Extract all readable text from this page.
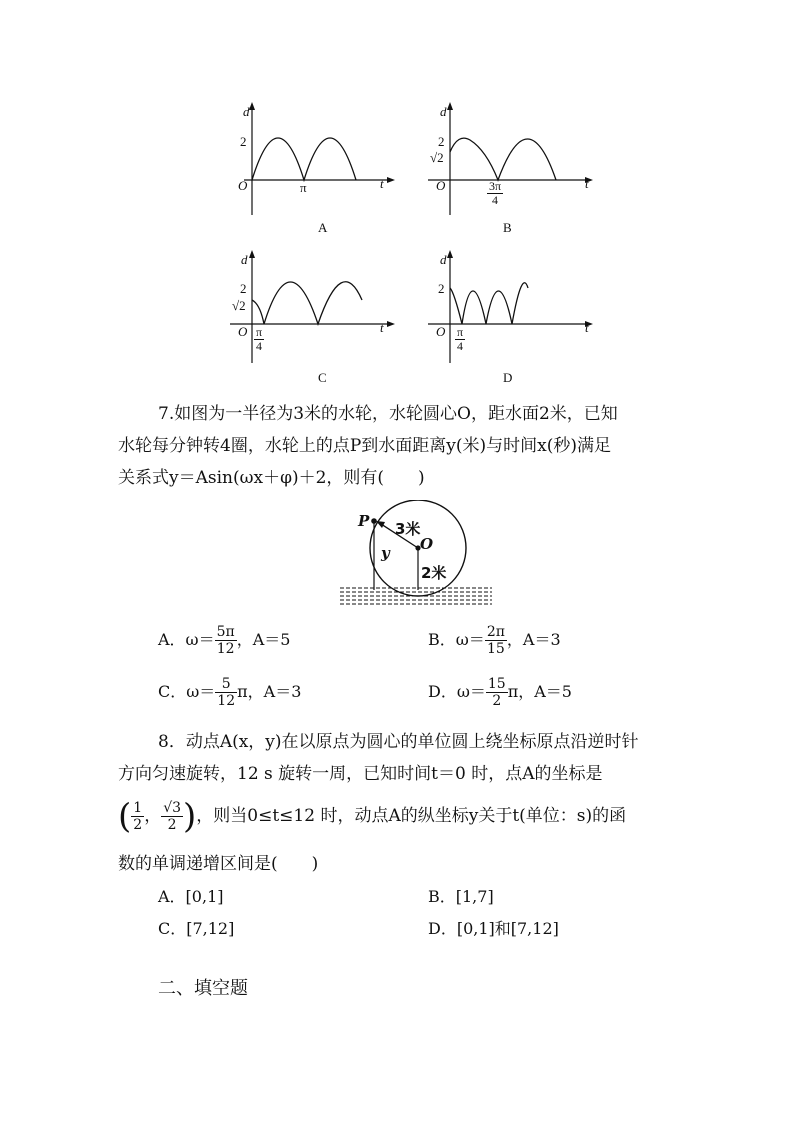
d
2
O	π	t
A
d
2
√2
O	$\frac{3\pi}{4}$	t
B
d
2
√2
O $\frac{\pi}{4}$	t
C
d
2
O $\frac{\pi}{4}$	t
D
7.如图为一半径为3米的水轮，水轮圆心O，距水面2米，已知
水轮每分钟转4圈，水轮上的点P到水面距离y(米)与时间x(秒)满足
关系式y＝Asin(ωx＋φ)＋2，则有(　　)
P 3米
O
y
2米
A．$\omega= \frac{5\pi}{12}$ ，A＝5	B．$\omega= \frac{2\pi}{15}$ ，A＝3
C．$\omega= \frac{5}{12}$ π，A＝3	D．$\omega= \frac{15}{2}$ π，A＝5
8．动点A(x，y)在以原点为圆心的单位圆上绕坐标原点沿逆时针
方向匀速旋转，12 s 旋转一周，已知时间t＝0 时，点A的坐标是
( $\frac{1}{2}$ ， $\frac{√3}{2}$ )，则当0≤t≤12 时，动点A的纵坐标y关于t(单位：s)的函
数的单调递增区间是(　　)
A．[0,1]	B．[1,7]
C．[7,12]	D．[0,1]和[7,12]
二、填空题
